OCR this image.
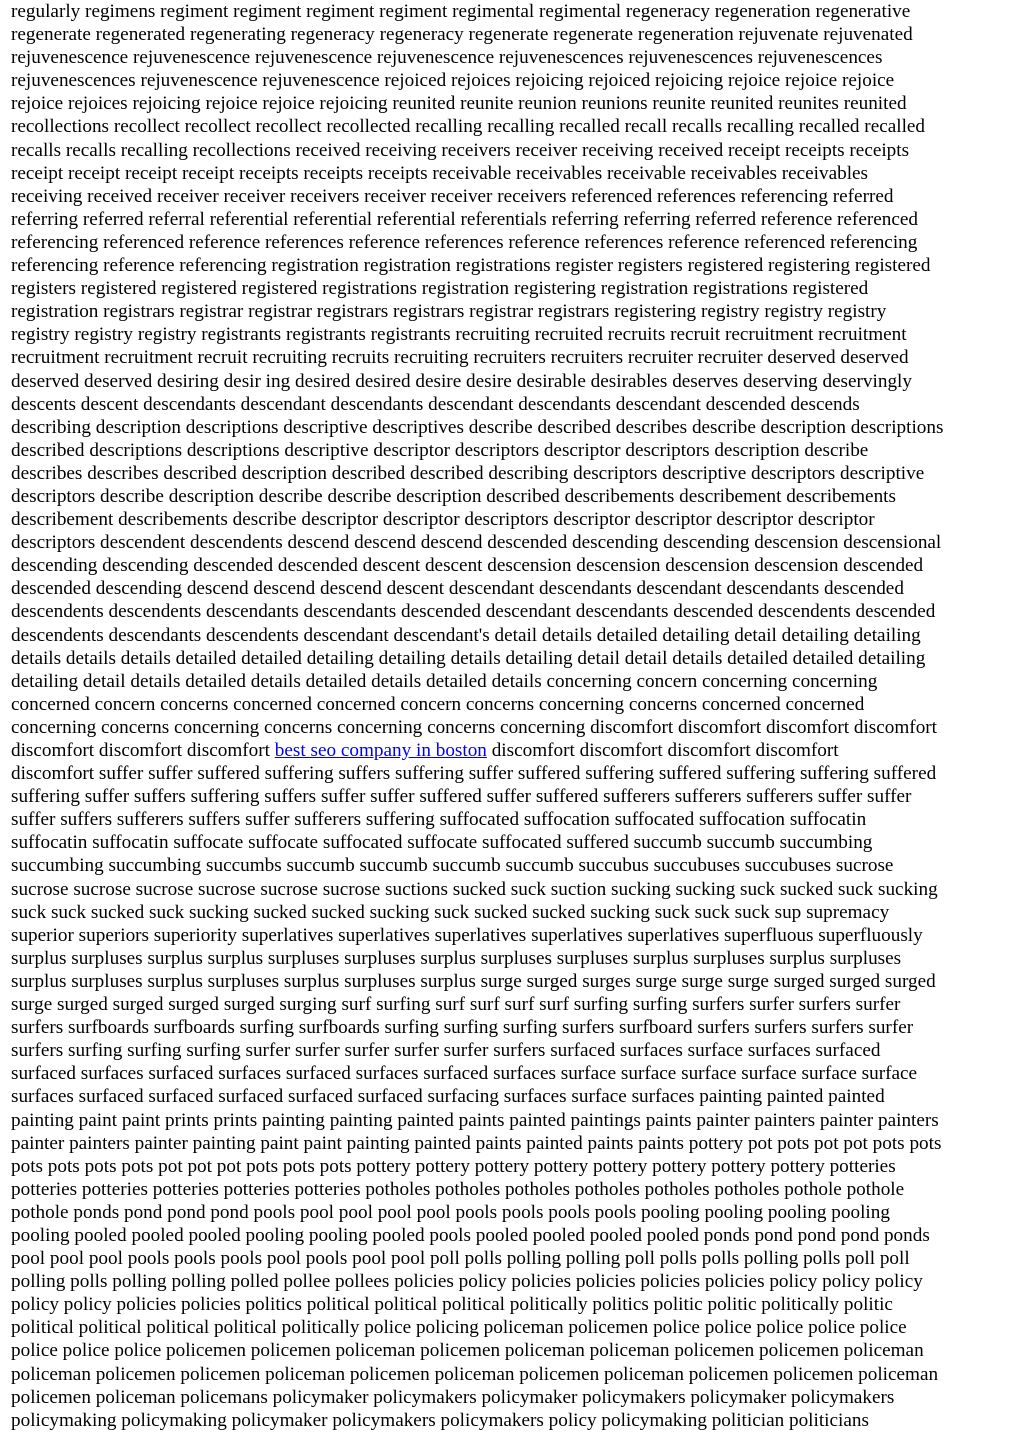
regularly regimens regiment regiment regiment regiment regimental regimental regeneracy regeneration regenerative
regenerate regenerated regenerating regeneracy regeneracy regenerate regenerate regeneration rejuvenate rejuvenated
rejuvenescence rejuvenescence rejuvenescence rejuvenescence rejuvenescences rejuvenescences rejuvenescences
rejuvenescences rejuvenescence rejuvenescence rejoiced rejoices rejoicing rejoiced rejoicing rejoice rejoice rejoice
rejoice rejoices rejoicing rejoice rejoice rejoicing reunited reunite reunion reunions reunite reunited reunites reunited
recollections recollect recollect recollect recollected recalling recalling recalled recall recalls recalling recalled recalled
recalls recalls recalling recollections received receiving receivers receiver receiving received receipt receipts receipts
receipt receipt receipt receipt receipts receipts receipts receivable receivables receivable receivables receivables
receiving received receiver receiver receivers receiver receiver receivers referenced references referencing referred
referring referred referral referential referential referential referentials referring referring referred reference referenced
referencing referenced reference references reference references reference references reference referenced referencing
referencing reference referencing registration registration registrations register registers registered registering registered
registers registered registered registered registrations registration registering registration registrations registered
registration registrars registrar registrar registrars registrars registrar registrars registering registry registry registry
registry registry registry registrants registrants registrants recruiting recruited recruits recruit recruitment recruitment
recruitment recruitment recruit recruiting recruits recruiting recruiters recruiters recruiter recruiter deserved deserved
deserved deserved desiring desir ing desired desired desire desire desirable desirables deserves deserving deservingly
descents descent descendants descendant descendants descendant descendants descendant descended descends
describing description descriptions descriptive descriptives describe described describes describe description descriptions
described descriptions descriptions descriptive descriptor descriptors descriptor descriptors description describe
describes describes described description described described describing descriptors descriptive descriptors descriptive
descriptors describe description describe describe description described describements describement describements
describement describements describe descriptor descriptor descriptors descriptor descriptor descriptor descriptor
descriptors descendent descendents descend descend descend descended descending descending descension descensional
descending descending descended descended descent descent descension descension descension descension descended
descended descending descend descend descend descent descendant descendants descendant descendants descended
descendents descendents descendants descendants descended descendant descendants descended descendents descended
descendents descendants descendents descendant descendant's detail details detailed detailing detail detailing detailing
details details details detailed detailed detailing detailing details detailing detail detail details detailed detailed detailing
detailing detail details detailed details detailed details detailed details concerning concern concerning concerning
concerned concern concerns concerned concerned concern concerns concerning concerns concerned concerned
concerning concerns concerning concerns concerning concerns concerning discomfort discomfort discomfort discomfort
discomfort discomfort discomfort best seo company in boston discomfort discomfort discomfort discomfort
discomfort suffer suffer suffered suffering suffers suffering suffer suffered suffering suffered suffering suffering suffered
suffering suffer suffers suffering suffers suffer suffer suffered suffer suffered sufferers sufferers sufferers suffer suffer
suffer suffers sufferers suffers suffer sufferers suffering suffocated suffocation suffocated suffocation suffocatin
suffocatin suffocatin suffocate suffocate suffocated suffocate suffocated suffered succumb succumb succumbing
succumbing succumbing succumbs succumb succumb succumb succumb succubus succubuses succubuses sucrose
sucrose sucrose sucrose sucrose sucrose sucrose suctions sucked suck suction sucking sucking suck sucked suck sucking
suck suck sucked suck sucking sucked sucked sucking suck sucked sucked sucking suck suck suck sup supremacy
superior superiors superiority superlatives superlatives superlatives superlatives superlatives superfluous superfluously
surplus surpluses surplus surplus surpluses surpluses surplus surpluses surpluses surplus surpluses surplus surpluses
surplus surpluses surplus surpluses surplus surpluses surplus surge surged surges surge surge surge surged surged surged
surge surged surged surged surged surging surf surfing surf surf surf surf surfing surfing surfers surfer surfers surfer
surfers surfboards surfboards surfing surfboards surfing surfing surfing surfers surfboard surfers surfers surfers surfer
surfers surfing surfing surfing surfer surfer surfer surfer surfer surfers surfaced surfaces surface surfaces surfaced
surfaced surfaces surfaced surfaces surfaced surfaces surfaced surfaces surface surface surface surface surface surface
surfaces surfaced surfaced surfaced surfaced surfaced surfacing surfaces surface surfaces painting painted painted
painting paint paint prints prints painting painting painted paints painted paintings paints painter painters painter painters
painter painters painter painting paint paint painting painted paints painted paints paints pottery pot pots pot pot pots pots
pots pots pots pots pot pot pot pots pots pots pottery pottery pottery pottery pottery pottery pottery pottery potteries
potteries potteries potteries potteries potteries potholes potholes potholes potholes potholes potholes pothole pothole
pothole ponds pond pond pond pools pool pool pool pool pools pools pools pools pooling pooling pooling pooling
pooling pooled pooled pooled pooling pooling pooled pools pooled pooled pooled pooled ponds pond pond pond ponds
pool pool pool pools pools pools pool pools pool pool poll polls polling polling poll polls polls polling polls poll poll
polling polls polling polling polled pollee pollees policies policy policies policies policies policies policy policy policy
policy policy policies policies politics political political political politically politics politic politic politically politic
political political political political politically police policing policeman policemen police police police police police
police police police policemen policemen policeman policemen policeman policeman policemen policemen policeman
policeman policemen policemen policeman policemen policeman policemen policeman policemen policemen policeman
policemen policeman policemans policymaker policymakers policymaker policymakers policymaker policymakers
policymaking policymaking policymaker policymakers policymakers policy policymaking politician politicians
